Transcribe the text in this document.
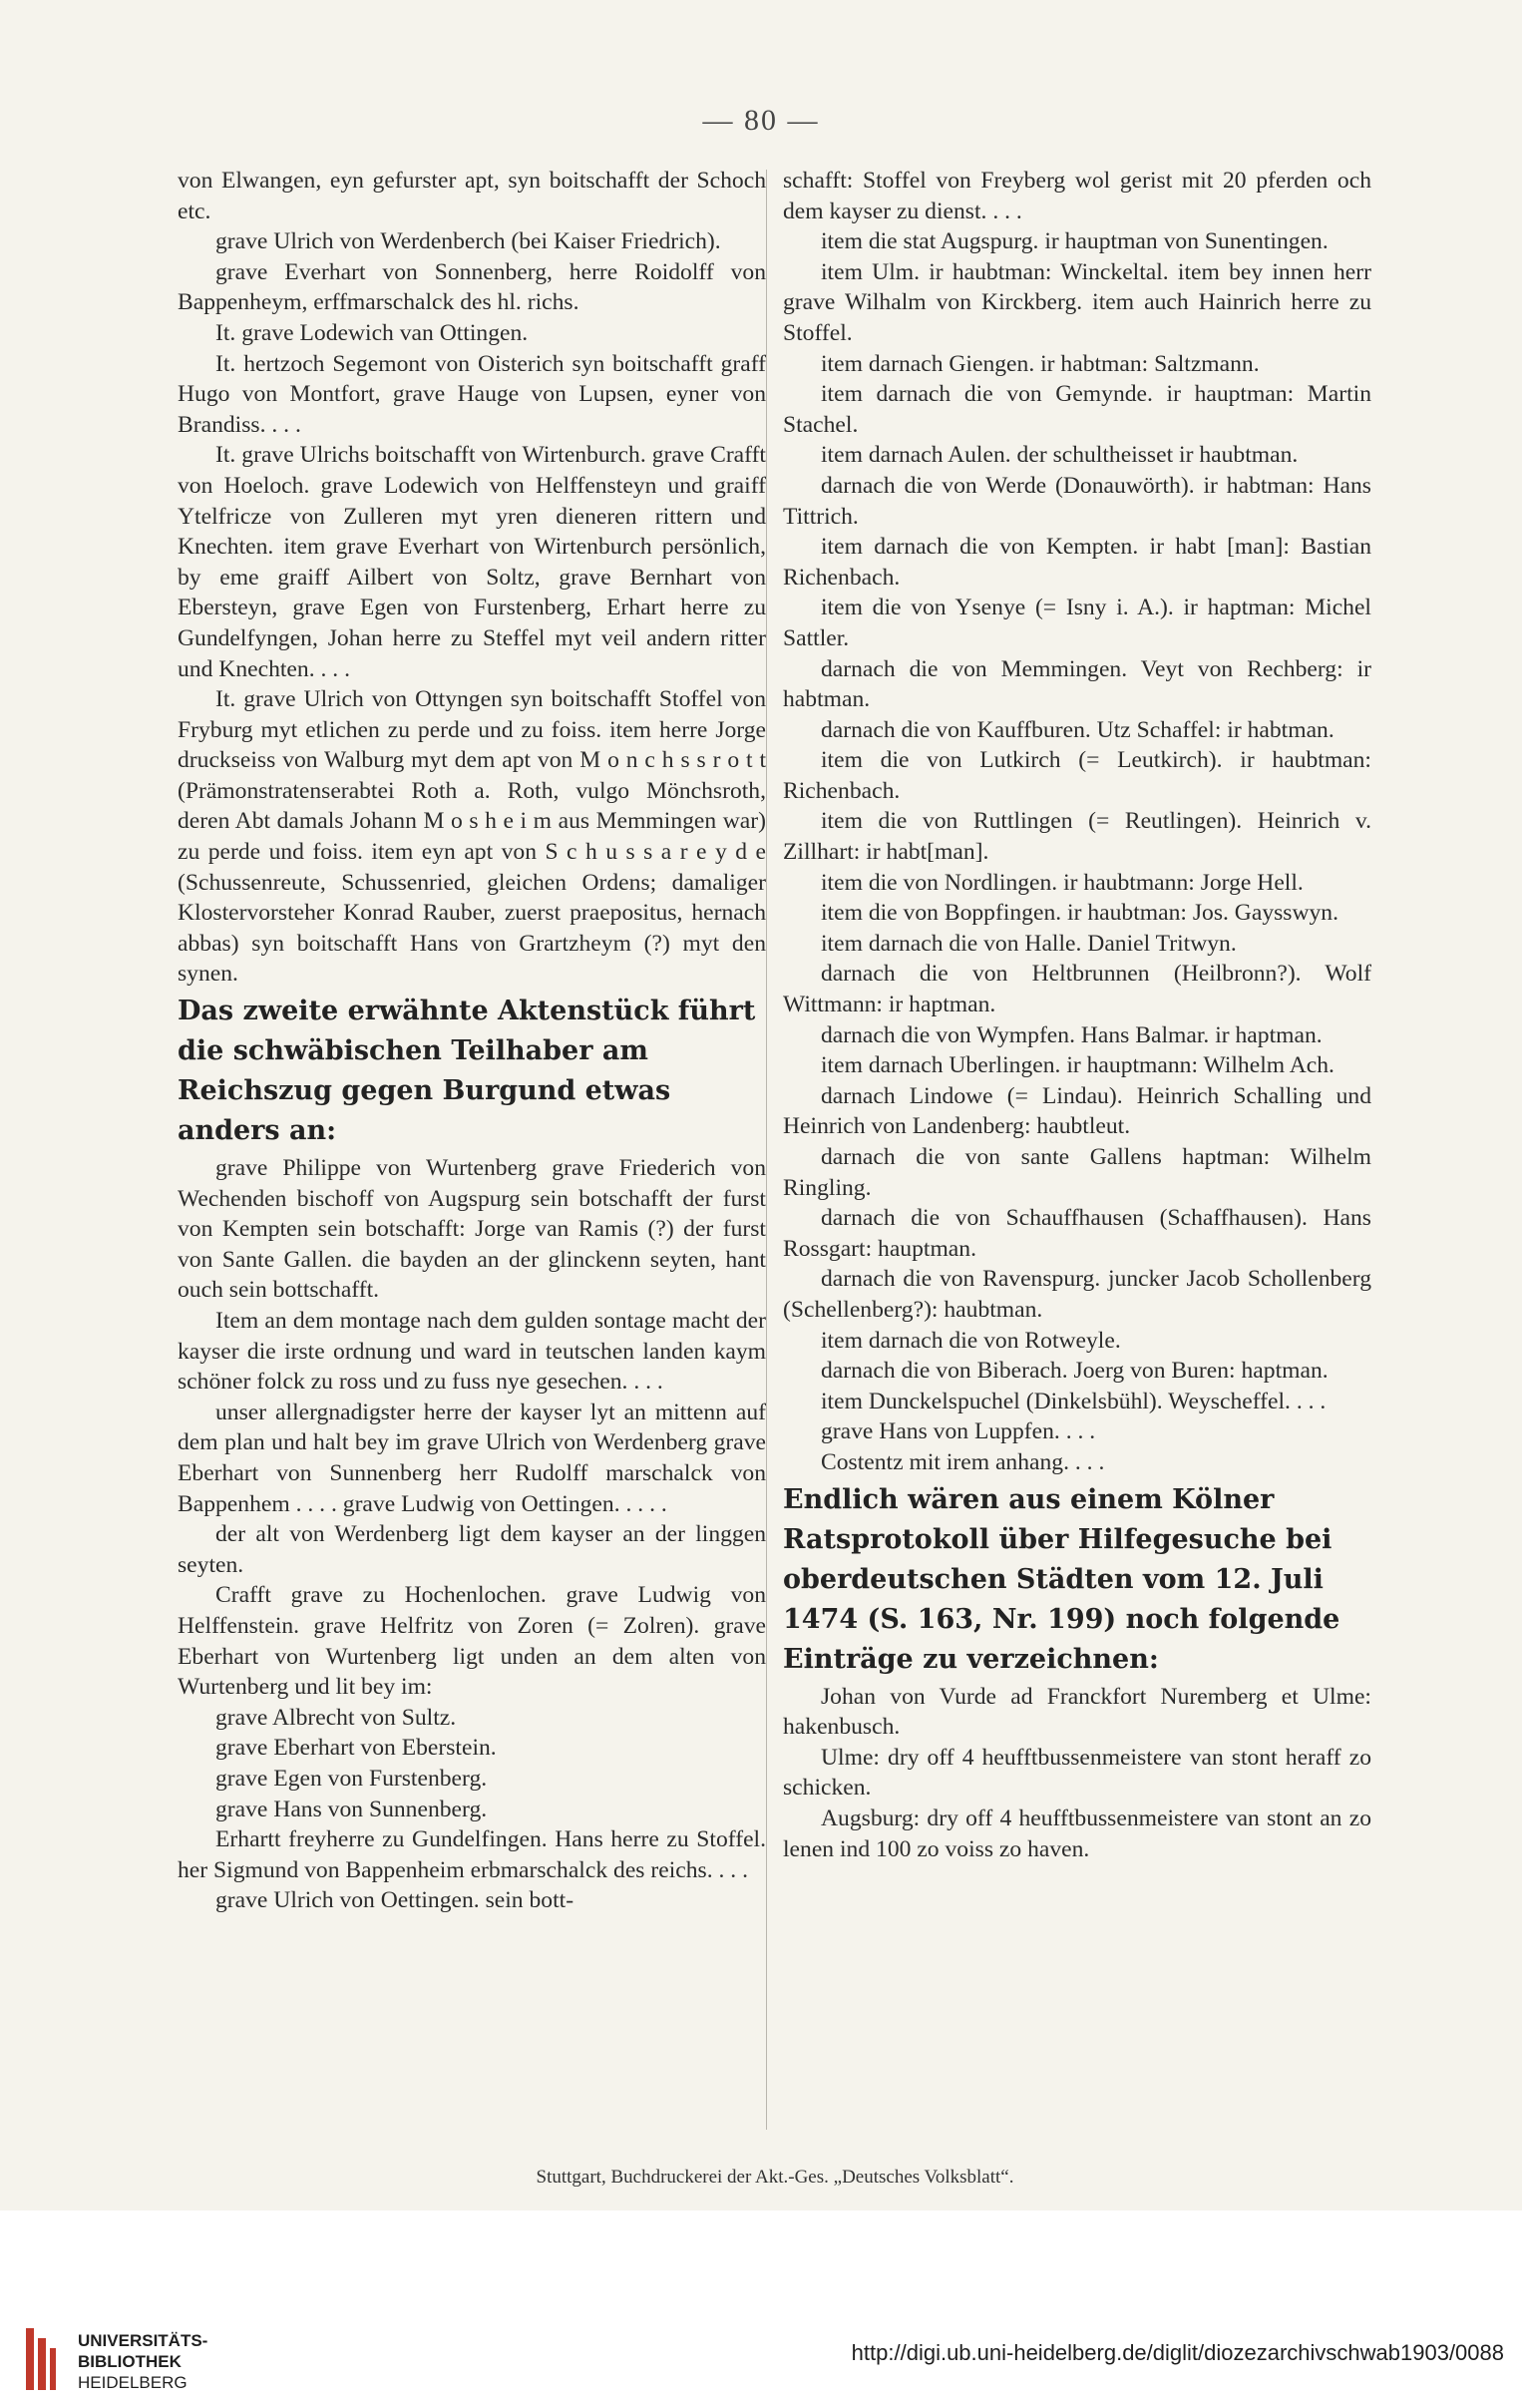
— 80 —

von Elwangen, eyn gefurster apt, syn boitschafft der Schoch etc.

grave Ulrich von Werdenberch (bei Kaiser Friedrich).

grave Everhart von Sonnenberg, herre Roidolff von Bappenheym, erffmarschalck des hl. richs.

It. grave Lodewich van Ottingen.

It. hertzoch Segemont von Oisterich syn boitschafft graff Hugo von Montfort, grave Hauge von Lupsen, eyner von Brandiss. . . .

It. grave Ulrichs boitschafft von Wirtenburch. grave Crafft von Hoeloch. grave Lodewich von Helffensteyn und graiff Ytelfricze von Zulleren myt yren dieneren rittern und Knechten. item grave Everhart von Wirtenburch persönlich, by eme graiff Ailbert von Soltz, grave Bernhart von Ebersteyn, grave Egen von Furstenberg, Erhart herre zu Gundelfyngen, Johan herre zu Steffel myt veil andern ritter und Knechten. . . .

It. grave Ulrich von Ottyngen syn boitschafft Stoffel von Fryburg myt etlichen zu perde und zu foiss. item herre Jorge druckseiss von Walburg myt dem apt von M o n c h s s r o t t (Prämonstratenserabtei Roth a. Roth, vulgo Mönchsroth, deren Abt damals Johann M o s h e i m aus Memmingen war) zu perde und foiss. item eyn apt von S c h u s s a r e y d e (Schussenreute, Schussenried, gleichen Ordens; damaliger Klostervorsteher Konrad Rauber, zuerst praepositus, hernach abbas) syn boitschafft Hans von Grartzheym (?) myt den synen.

Das zweite erwähnte Aktenstück führt die schwäbischen Teilhaber am Reichszug gegen Burgund etwas anders an:

grave Philippe von Wurtenberg grave Friederich von Wechenden bischoff von Augspurg sein botschafft der furst von Kempten sein botschafft: Jorge van Ramis (?) der furst von Sante Gallen. die bayden an der glinckenn seyten, hant ouch sein bottschafft.

Item an dem montage nach dem gulden sontage macht der kayser die irste ordnung und ward in teutschen landen kaym schöner folck zu ross und zu fuss nye gesechen. . . .

unser allergnadigster herre der kayser lyt an mittenn auf dem plan und halt bey im grave Ulrich von Werdenberg grave Eberhart von Sunnenberg herr Rudolff marschalck von Bappenhem . . . . grave Ludwig von Oettingen. . . . .

der alt von Werdenberg ligt dem kayser an der linggen seyten.

Crafft grave zu Hochenlochen. grave Ludwig von Helffenstein. grave Helfritz von Zoren (= Zolren). grave Eberhart von Wurtenberg ligt unden an dem alten von Wurtenberg und lit bey im:

grave Albrecht von Sultz.

grave Eberhart von Eberstein.

grave Egen von Furstenberg.

grave Hans von Sunnenberg.

Erhartt freyherre zu Gundelfingen. Hans herre zu Stoffel. her Sigmund von Bappenheim erbmarschalck des reichs. . . .

grave Ulrich von Oettingen. sein bott-

schafft: Stoffel von Freyberg wol gerist mit 20 pferden och dem kayser zu dienst. . . .

item die stat Augspurg. ir hauptman von Sunentingen.

item Ulm. ir haubtman: Winckeltal. item bey innen herr grave Wilhalm von Kirckberg. item auch Hainrich herre zu Stoffel.

item darnach Giengen. ir habtman: Saltzmann.

item darnach die von Gemynde. ir hauptman: Martin Stachel.

item darnach Aulen. der schultheisset ir haubtman.

darnach die von Werde (Donauwörth). ir habtman: Hans Tittrich.

item darnach die von Kempten. ir habt [man]: Bastian Richenbach.

item die von Ysenye (= Isny i. A.). ir haptman: Michel Sattler.

darnach die von Memmingen. Veyt von Rechberg: ir habtman.

darnach die von Kauffburen. Utz Schaffel: ir habtman.

item die von Lutkirch (= Leutkirch). ir haubtman: Richenbach.

item die von Ruttlingen (= Reutlingen). Heinrich v. Zillhart: ir habt[man].

item die von Nordlingen. ir haubtmann: Jorge Hell.

item die von Boppfingen. ir haubtman: Jos. Gaysswyn.

item darnach die von Halle. Daniel Tritwyn.

darnach die von Heltbrunnen (Heilbronn?). Wolf Wittmann: ir haptman.

darnach die von Wympfen. Hans Balmar. ir haptman.

item darnach Uberlingen. ir hauptmann: Wilhelm Ach.

darnach Lindowe (= Lindau). Heinrich Schalling und Heinrich von Landenberg: haubtleut.

darnach die von sante Gallens haptman: Wilhelm Ringling.

darnach die von Schauffhausen (Schaffhausen). Hans Rossgart: hauptman.

darnach die von Ravenspurg. juncker Jacob Schollenberg (Schellenberg?): haubtman.

item darnach die von Rotweyle.

darnach die von Biberach. Joerg von Buren: haptman.

item Dunckelspuchel (Dinkelsbühl). Weyscheffel. . . .

grave Hans von Luppfen. . . .

Costentz mit irem anhang. . . .

Endlich wären aus einem Kölner Ratsprotokoll über Hilfegesuche bei oberdeutschen Städten vom 12. Juli 1474 (S. 163, Nr. 199) noch folgende Einträge zu verzeichnen:

Johan von Vurde ad Franckfort Nuremberg et Ulme: hakenbusch.

Ulme: dry off 4 heufftbussenmeistere van stont heraff zo schicken.

Augsburg: dry off 4 heufftbussenmeistere van stont an zo lenen ind 100 zo voiss zo haven.

Stuttgart, Buchdruckerei der Akt.-Ges. „Deutsches Volksblatt“.
UNIVERSITÄTS-
BIBLIOTHEK
HEIDELBERG
http://digi.ub.uni-heidelberg.de/diglit/diozezarchivschwab1903/0088
